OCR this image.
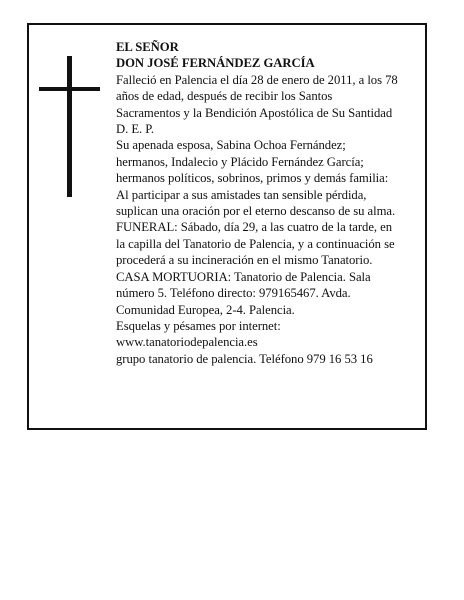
EL SEÑOR
DON JOSÉ FERNÁNDEZ GARCÍA
Falleció en Palencia el día 28 de enero de 2011, a los 78
años de edad, después de recibir los Santos
Sacramentos y la Bendición Apostólica de Su Santidad
D. E. P.
Su apenada esposa, Sabina Ochoa Fernández;
hermanos, Indalecio y Plácido Fernández García;
hermanos políticos, sobrinos, primos y demás familia:
Al participar a sus amistades tan sensible pérdida,
suplican una oración por el eterno descanso de su alma.
FUNERAL: Sábado, día 29, a las cuatro de la tarde, en
la capilla del Tanatorio de Palencia, y a continuación se
procederá a su incineración en el mismo Tanatorio.
CASA MORTUORIA: Tanatorio de Palencia. Sala
número 5. Teléfono directo: 979165467. Avda.
Comunidad Europea, 2-4. Palencia.
Esquelas y pésames por internet:
www.tanatoriodepalencia.es
grupo tanatorio de palencia. Teléfono 979 16 53 16
